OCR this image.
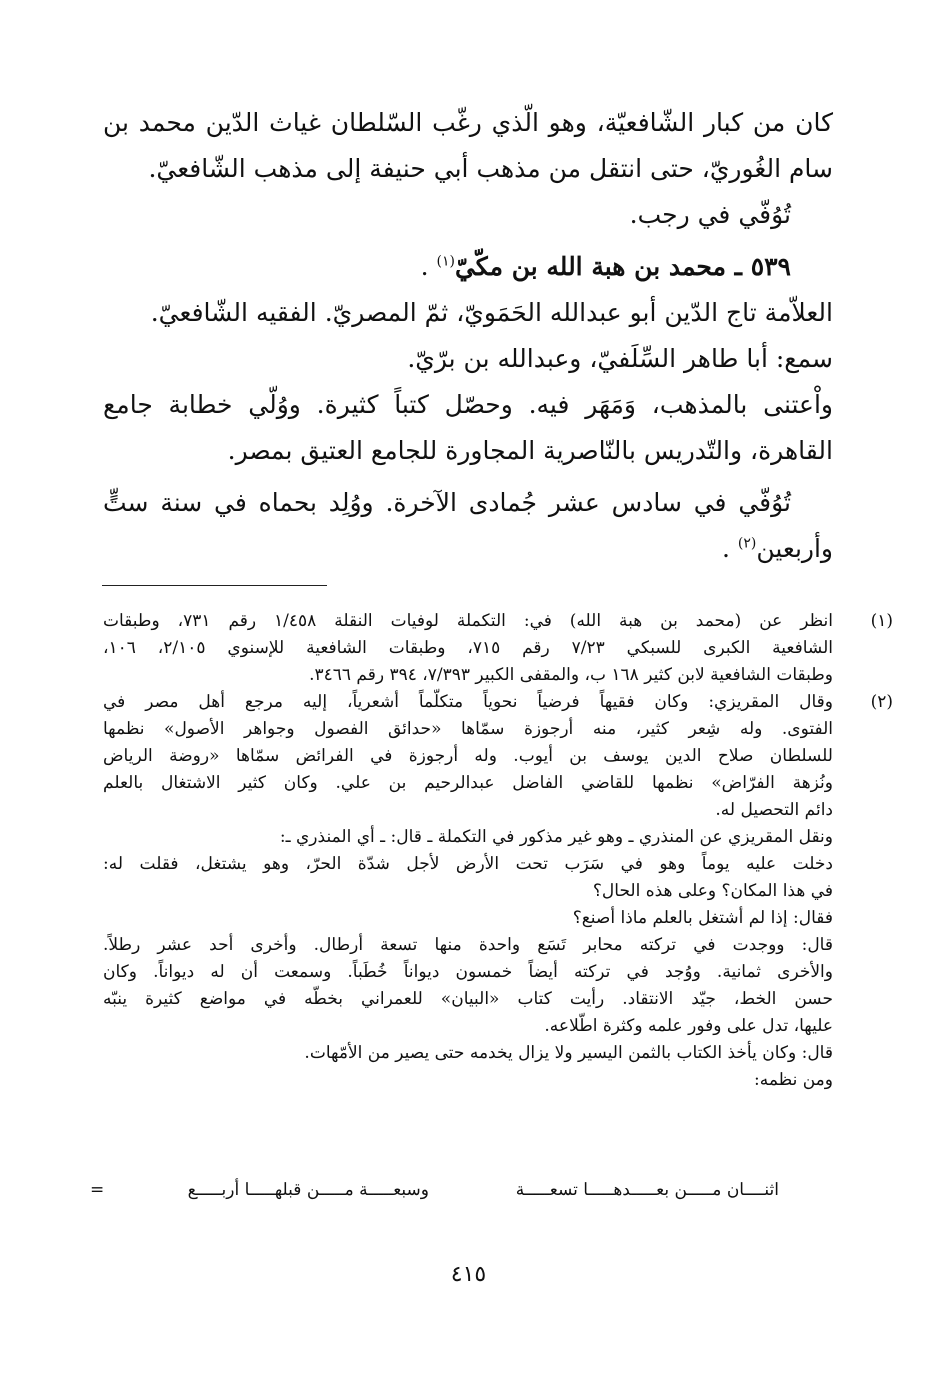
كان من كبار الشّافعيّة، وهو الّذي رغّب السّلطان غياث الدّين محمد بن
سام الغُوريّ، حتى انتقل من مذهب أبي حنيفة إلى مذهب الشّافعيّ.
تُوُفّي في رجب.
٥٣٩ ـ محمد بن هبة الله بن مكّيّ$^{(١)}$ .
العلاّمة تاج الدّين أبو عبدالله الحَمَويّ، ثمّ المصريّ. الفقيه الشّافعيّ.
سمع: أبا طاهر السِّلَفيّ، وعبدالله بن برّيّ.
واْعتنى بالمذهب، وَمَهَر فيه. وحصّل كتباً كثيرة. ووُلّي خطابة جامع
القاهرة، والتّدريس بالنّاصرية المجاورة للجامع العتيق بمصر.
تُوُفّي في سادس عشر جُمادى الآخرة. ووُلِد بحماه في سنة ستٍّ
وأربعين$^{(٢)}$ .
(١)
انظر عن (محمد بن هبة الله) في: التكملة لوفيات النقلة ١/٤٥٨ رقم ٧٣١، وطبقات
الشافعية الكبرى للسبكي ٧/٢٣ رقم ٧١٥، وطبقات الشافعية للإسنوي ٢/١٠٥، ١٠٦،
وطبقات الشافعية لابن كثير ١٦٨ ب، والمقفى الكبير ٧/٣٩٣، ٣٩٤ رقم ٣٤٦٦.
(٢)
وقال المقريزي: وكان فقيهاً فرضياً نحوياً متكلّماً أشعرياً، إليه مرجع أهل مصر في
الفتوى. وله شِعر كثير، منه أرجوزة سمّاها «حدائق الفصول وجواهر الأصول» نظمها
للسلطان صلاح الدين يوسف بن أيوب. وله أرجوزة في الفرائض سمّاها «روضة الرياض
ونُزهة الفرّاض» نظمها للقاضي الفاضل عبدالرحيم بن علي. وكان كثير الاشتغال بالعلم
دائم التحصيل له.
ونقل المقريزي عن المنذري ـ وهو غير مذكور في التكملة ـ قال: ـ أي المنذري ـ:
دخلت عليه يوماً وهو في سَرَب تحت الأرض لأجل شدّة الحرّ، وهو يشتغل، فقلت له:
في هذا المكان؟ وعلى هذه الحال؟
فقال: إذا لم أشتغل بالعلم ماذا أصنع؟
قال: ووجدت في تركته محابر تَسَع واحدة منها تسعة أرطال. وأخرى أحد عشر رطلاً.
والأخرى ثمانية. ووُجد في تركته أيضاً خمسون ديواناً خُطَباً. وسمعت أن له ديواناً. وكان
حسن الخط، جيّد الانتقاد. رأيت كتاب «البيان» للعمراني بخطّه في مواضع كثيرة ينبّه
عليها، تدل على وفور علمه وكثرة اطّلاعه.
قال: وكان يأخذ الكتاب بالثمن اليسير ولا يزال يخدمه حتى يصير من الأمّهات.
ومن نظمه:
اثنــــان مـــــن بعـــــدهـــــا تسعـــــة
وسبعـــــة مـــــن قبلهـــــا أربـــــع
=
٤١٥
